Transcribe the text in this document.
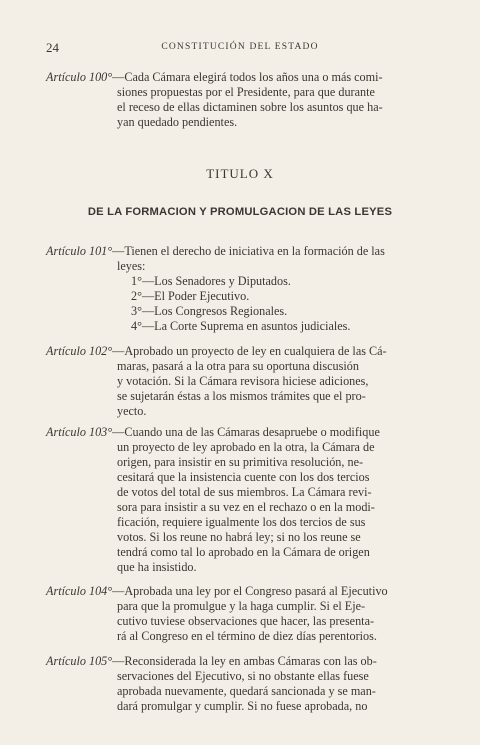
24	CONSTITUCIÓN DEL ESTADO
Artículo 100°—Cada Cámara elegirá todos los años una o más comi-
siones propuestas por el Presidente, para que durante
el receso de ellas dictaminen sobre los asuntos que ha-
yan quedado pendientes.
TITULO X
DE LA FORMACION Y PROMULGACION DE LAS LEYES
Artículo 101°—Tienen el derecho de iniciativa en la formación de las
leyes:
1°—Los Senadores y Diputados.
2°—El Poder Ejecutivo.
3°—Los Congresos Regionales.
4°—La Corte Suprema en asuntos judiciales.
Artículo 102°—Aprobado un proyecto de ley en cualquiera de las Cá-
maras, pasará a la otra para su oportuna discusión
y votación. Si la Cámara revisora hiciese adiciones,
se sujetarán éstas a los mismos trámites que el pro-
yecto.
Artículo 103°—Cuando una de las Cámaras desapruebe o modifique
un proyecto de ley aprobado en la otra, la Cámara de
origen, para insistir en su primitiva resolución, ne-
cesitará que la insistencia cuente con los dos tercios
de votos del total de sus miembros. La Cámara revi-
sora para insistir a su vez en el rechazo o en la modi-
ficación, requiere igualmente los dos tercios de sus
votos. Si los reune no habrá ley; si no los reune se
tendrá como tal lo aprobado en la Cámara de origen
que ha insistido.
Artículo 104°—Aprobada una ley por el Congreso pasará al Ejecutivo
para que la promulgue y la haga cumplir. Si el Eje-
cutivo tuviese observaciones que hacer, las presenta-
rá al Congreso en el término de diez días perentorios.
Artículo 105°—Reconsiderada la ley en ambas Cámaras con las ob-
servaciones del Ejecutivo, si no obstante ellas fuese
aprobada nuevamente, quedará sancionada y se man-
dará promulgar y cumplir. Si no fuese aprobada, no
